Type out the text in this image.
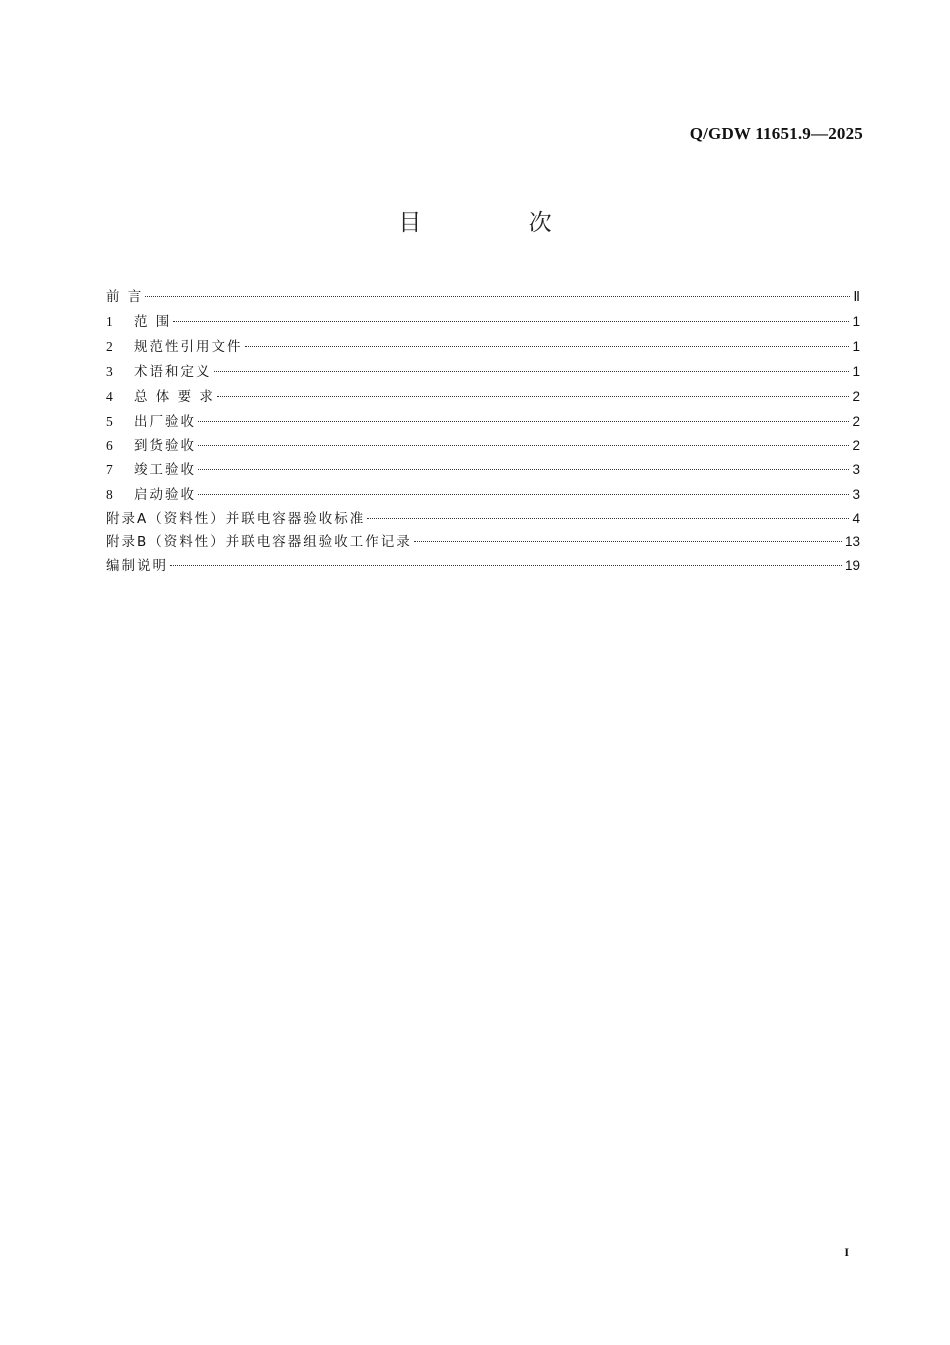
Q/GDW 11651.9—2025
目 次
前 言	Ⅱ
1	范 围	1
2	规范性引用文件	1
3	术语和定义	1
4	总 体 要 求	2
5	出厂验收	2
6	到货验收	2
7	竣工验收	3
8	启动验收	3
附录A（资料性）并联电容器验收标准	4
附录B（资料性）并联电容器组验收工作记录	13
编制说明	19
I
